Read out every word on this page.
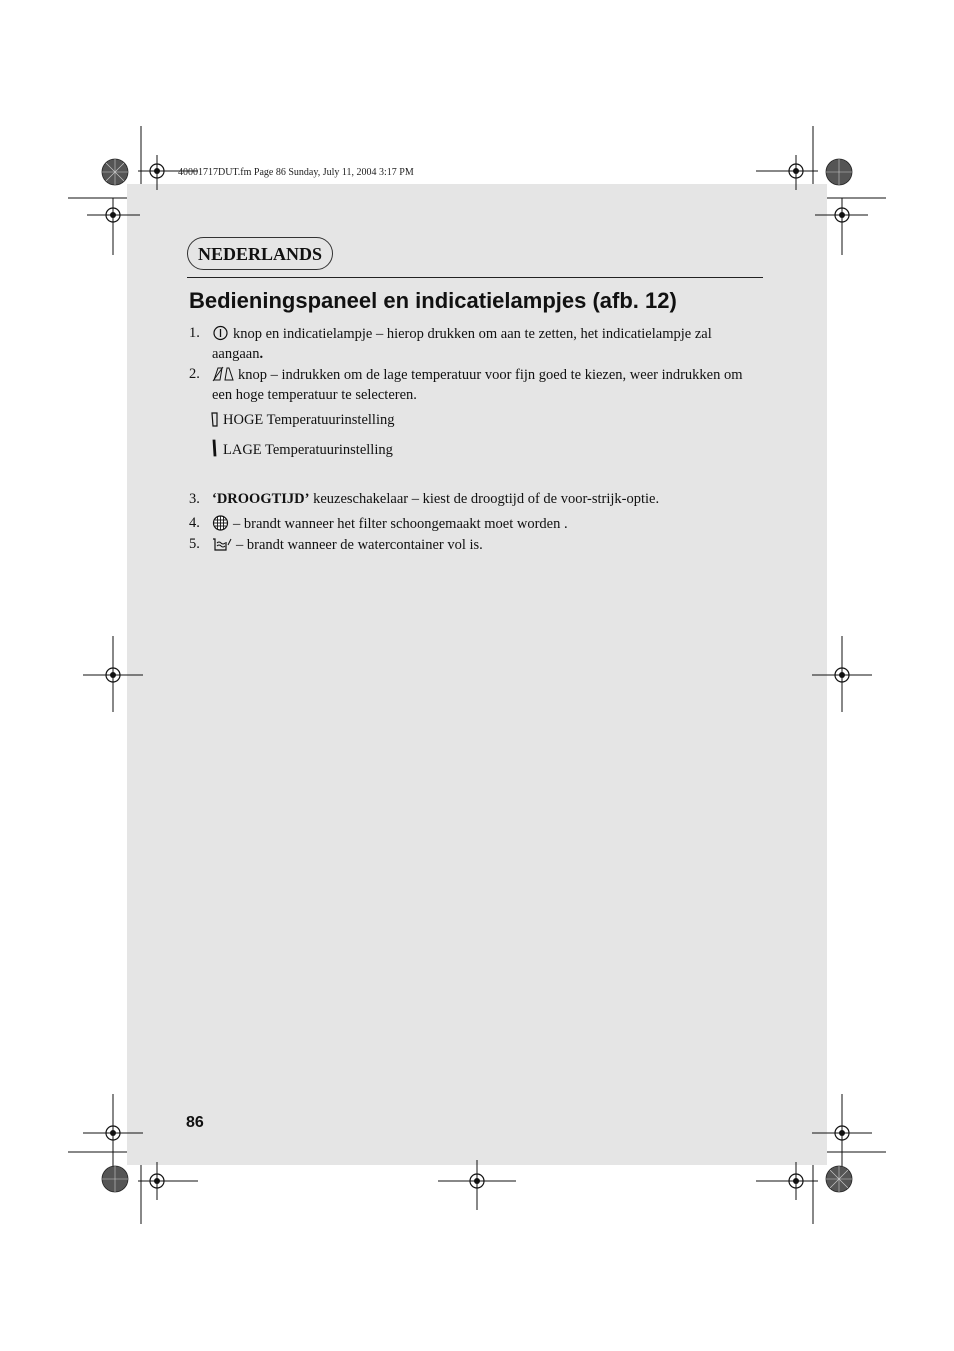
40001717DUT.fm Page 86 Sunday, July 11, 2004 3:17 PM
NEDERLANDS
Bedieningspaneel en indicatielampjes (afb. 12)
1.	knop en indicatielampje – hierop drukken om aan te zetten, het indicatielampje zal aangaan.
2.	knop – indrukken om de lage temperatuur voor fijn goed te kiezen, weer indrukken om een hoge temperatuur te selecteren.
HOGE Temperatuurinstelling
LAGE Temperatuurinstelling
3. ‘DROOGTIJD’ keuzeschakelaar – kiest de droogtijd of de voor-strijk-optie.
4.	– brandt wanneer het filter schoongemaakt moet worden .
5.	– brandt wanneer de watercontainer vol is.
86
